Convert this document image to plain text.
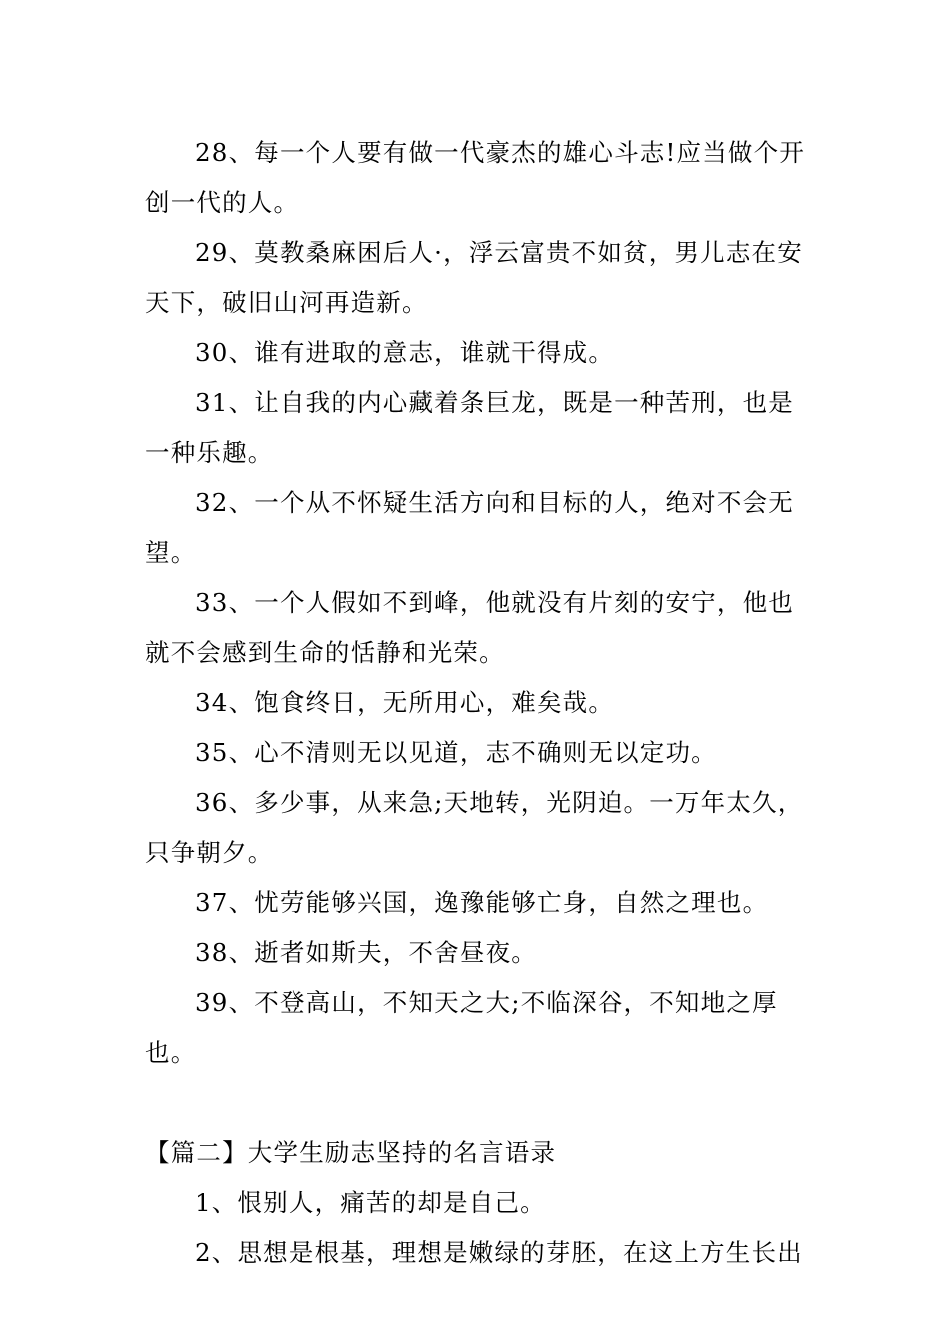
28、每一个人要有做一代豪杰的雄心斗志!应当做个开创一代的人。

29、莫教桑麻困后人·，浮云富贵不如贫，男儿志在安天下，破旧山河再造新。

30、谁有进取的意志，谁就干得成。

31、让自我的内心藏着条巨龙，既是一种苦刑，也是一种乐趣。

32、一个从不怀疑生活方向和目标的人，绝对不会无望。

33、一个人假如不到峰，他就没有片刻的安宁，他也就不会感到生命的恬静和光荣。

34、饱食终日，无所用心，难矣哉。

35、心不清则无以见道，志不确则无以定功。

36、多少事，从来急;天地转，光阴迫。一万年太久，只争朝夕。

37、忧劳能够兴国，逸豫能够亡身，自然之理也。

38、逝者如斯夫，不舍昼夜。

39、不登高山，不知天之大;不临深谷，不知地之厚也。

【篇二】大学生励志坚持的名言语录

1、恨别人，痛苦的却是自己。

2、思想是根基，理想是嫩绿的芽胚，在这上方生长出
